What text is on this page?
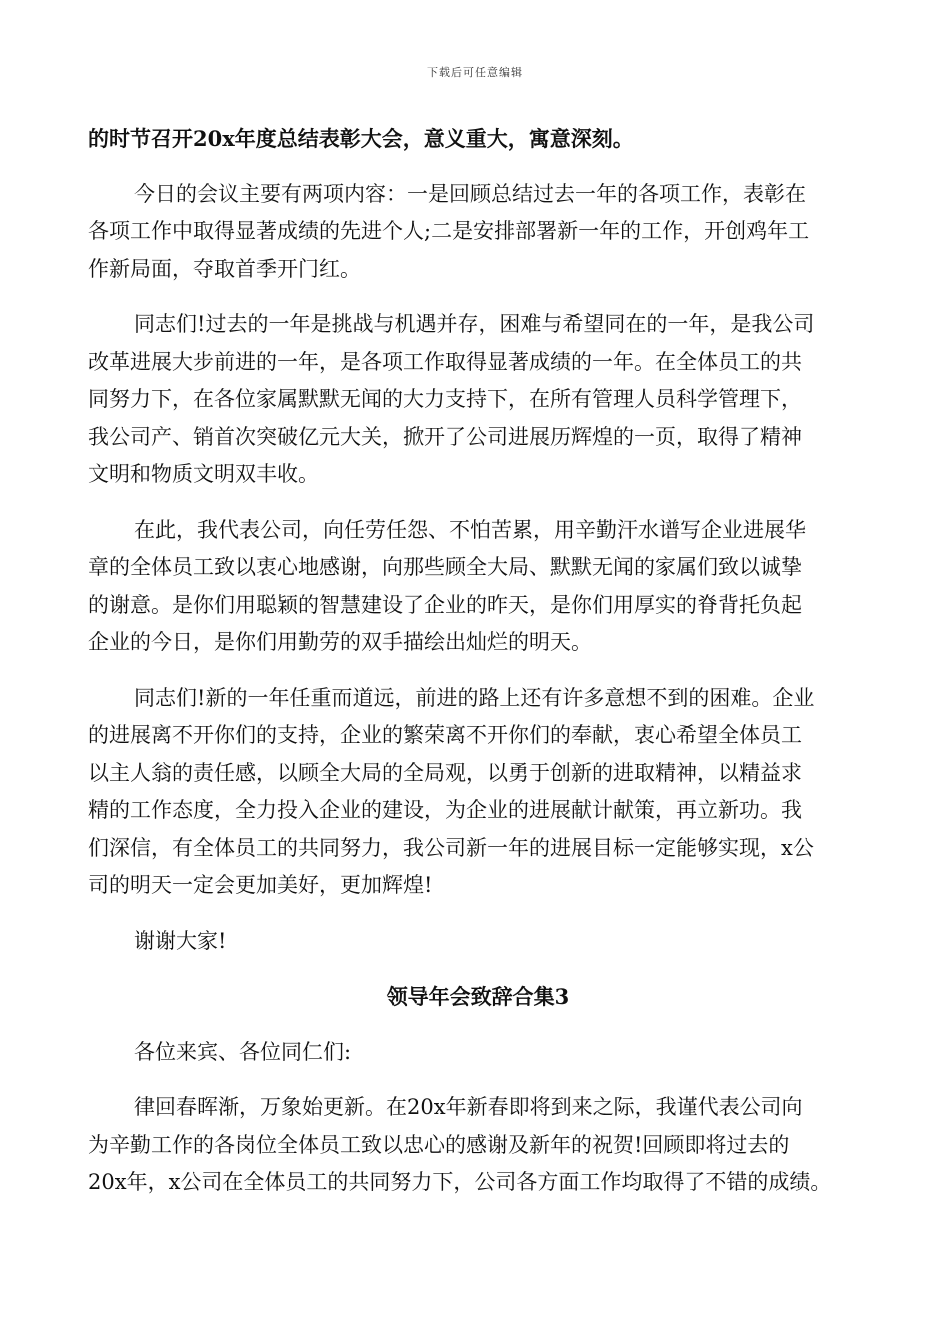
下载后可任意编辑
的时节召开20x年度总结表彰大会，意义重大，寓意深刻。
今日的会议主要有两项内容：一是回顾总结过去一年的各项工作，表彰在
各项工作中取得显著成绩的先进个人;二是安排部署新一年的工作，开创鸡年工
作新局面，夺取首季开门红。
同志们!过去的一年是挑战与机遇并存，困难与希望同在的一年，是我公司
改革进展大步前进的一年，是各项工作取得显著成绩的一年。在全体员工的共
同努力下，在各位家属默默无闻的大力支持下，在所有管理人员科学管理下，
我公司产、销首次突破亿元大关，掀开了公司进展历辉煌的一页，取得了精神
文明和物质文明双丰收。
在此，我代表公司，向任劳任怨、不怕苦累，用辛勤汗水谱写企业进展华
章的全体员工致以衷心地感谢，向那些顾全大局、默默无闻的家属们致以诚挚
的谢意。是你们用聪颖的智慧建设了企业的昨天，是你们用厚实的脊背托负起
企业的今日，是你们用勤劳的双手描绘出灿烂的明天。
同志们!新的一年任重而道远，前进的路上还有许多意想不到的困难。企业
的进展离不开你们的支持，企业的繁荣离不开你们的奉献，衷心希望全体员工
以主人翁的责任感，以顾全大局的全局观，以勇于创新的进取精神，以精益求
精的工作态度，全力投入企业的建设，为企业的进展献计献策，再立新功。我
们深信，有全体员工的共同努力，我公司新一年的进展目标一定能够实现，x公
司的明天一定会更加美好，更加辉煌!
谢谢大家!
领导年会致辞合集3
各位来宾、各位同仁们:
律回春晖渐，万象始更新。在20x年新春即将到来之际，我谨代表公司向
为辛勤工作的各岗位全体员工致以忠心的感谢及新年的祝贺!回顾即将过去的
20x年，x公司在全体员工的共同努力下，公司各方面工作均取得了不错的成绩。
